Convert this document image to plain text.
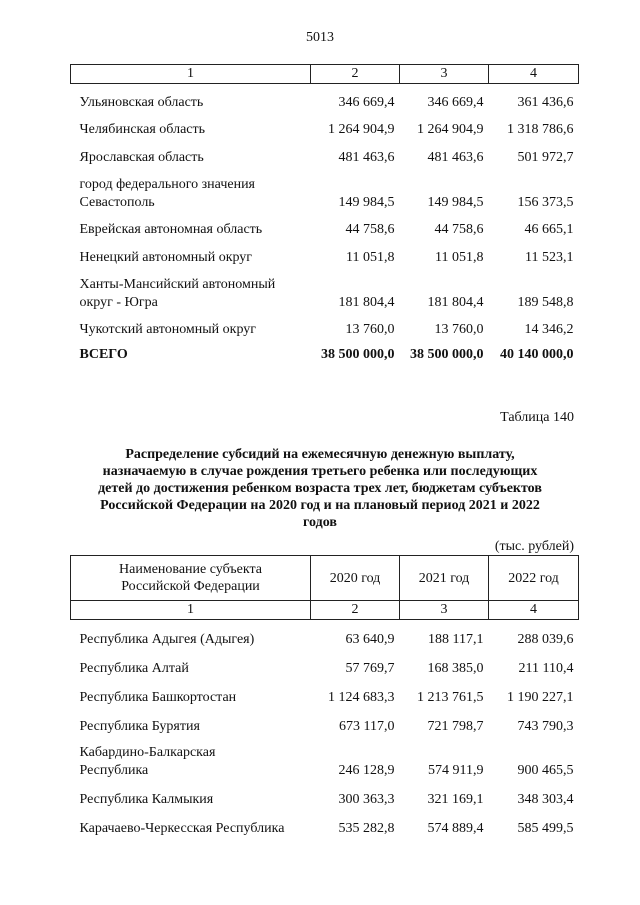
5013
1	2	3	4
Ульяновская область	346 669,4	346 669,4	361 436,6
Челябинская область	1 264 904,9	1 264 904,9	1 318 786,6
Ярославская область	481 463,6	481 463,6	501 972,7
город федерального значения
Севастополь	149 984,5	149 984,5	156 373,5
Еврейская автономная область	44 758,6	44 758,6	46 665,1
Ненецкий автономный округ	11 051,8	11 051,8	11 523,1
Ханты-Мансийский автономный
округ - Югра	181 804,4	181 804,4	189 548,8
Чукотский автономный округ	13 760,0	13 760,0	14 346,2
ВСЕГО	38 500 000,0	38 500 000,0	40 140 000,0
Таблица 140
Распределение субсидий на ежемесячную денежную выплату,
назначаемую в случае рождения третьего ребенка или последующих
детей до достижения ребенком возраста трех лет, бюджетам субъектов
Российской Федерации на 2020 год и на плановый период 2021 и 2022
годов
(тыс. рублей)
Наименование субъекта
Российской Федерации	2020 год	2021 год	2022 год
1	2	3	4
Республика Адыгея (Адыгея)	63 640,9	188 117,1	288 039,6
Республика Алтай	57 769,7	168 385,0	211 110,4
Республика Башкортостан	1 124 683,3	1 213 761,5	1 190 227,1
Республика Бурятия	673 117,0	721 798,7	743 790,3
Кабардино-Балкарская
Республика	246 128,9	574 911,9	900 465,5
Республика Калмыкия	300 363,3	321 169,1	348 303,4
Карачаево-Черкесская Республика	535 282,8	574 889,4	585 499,5
